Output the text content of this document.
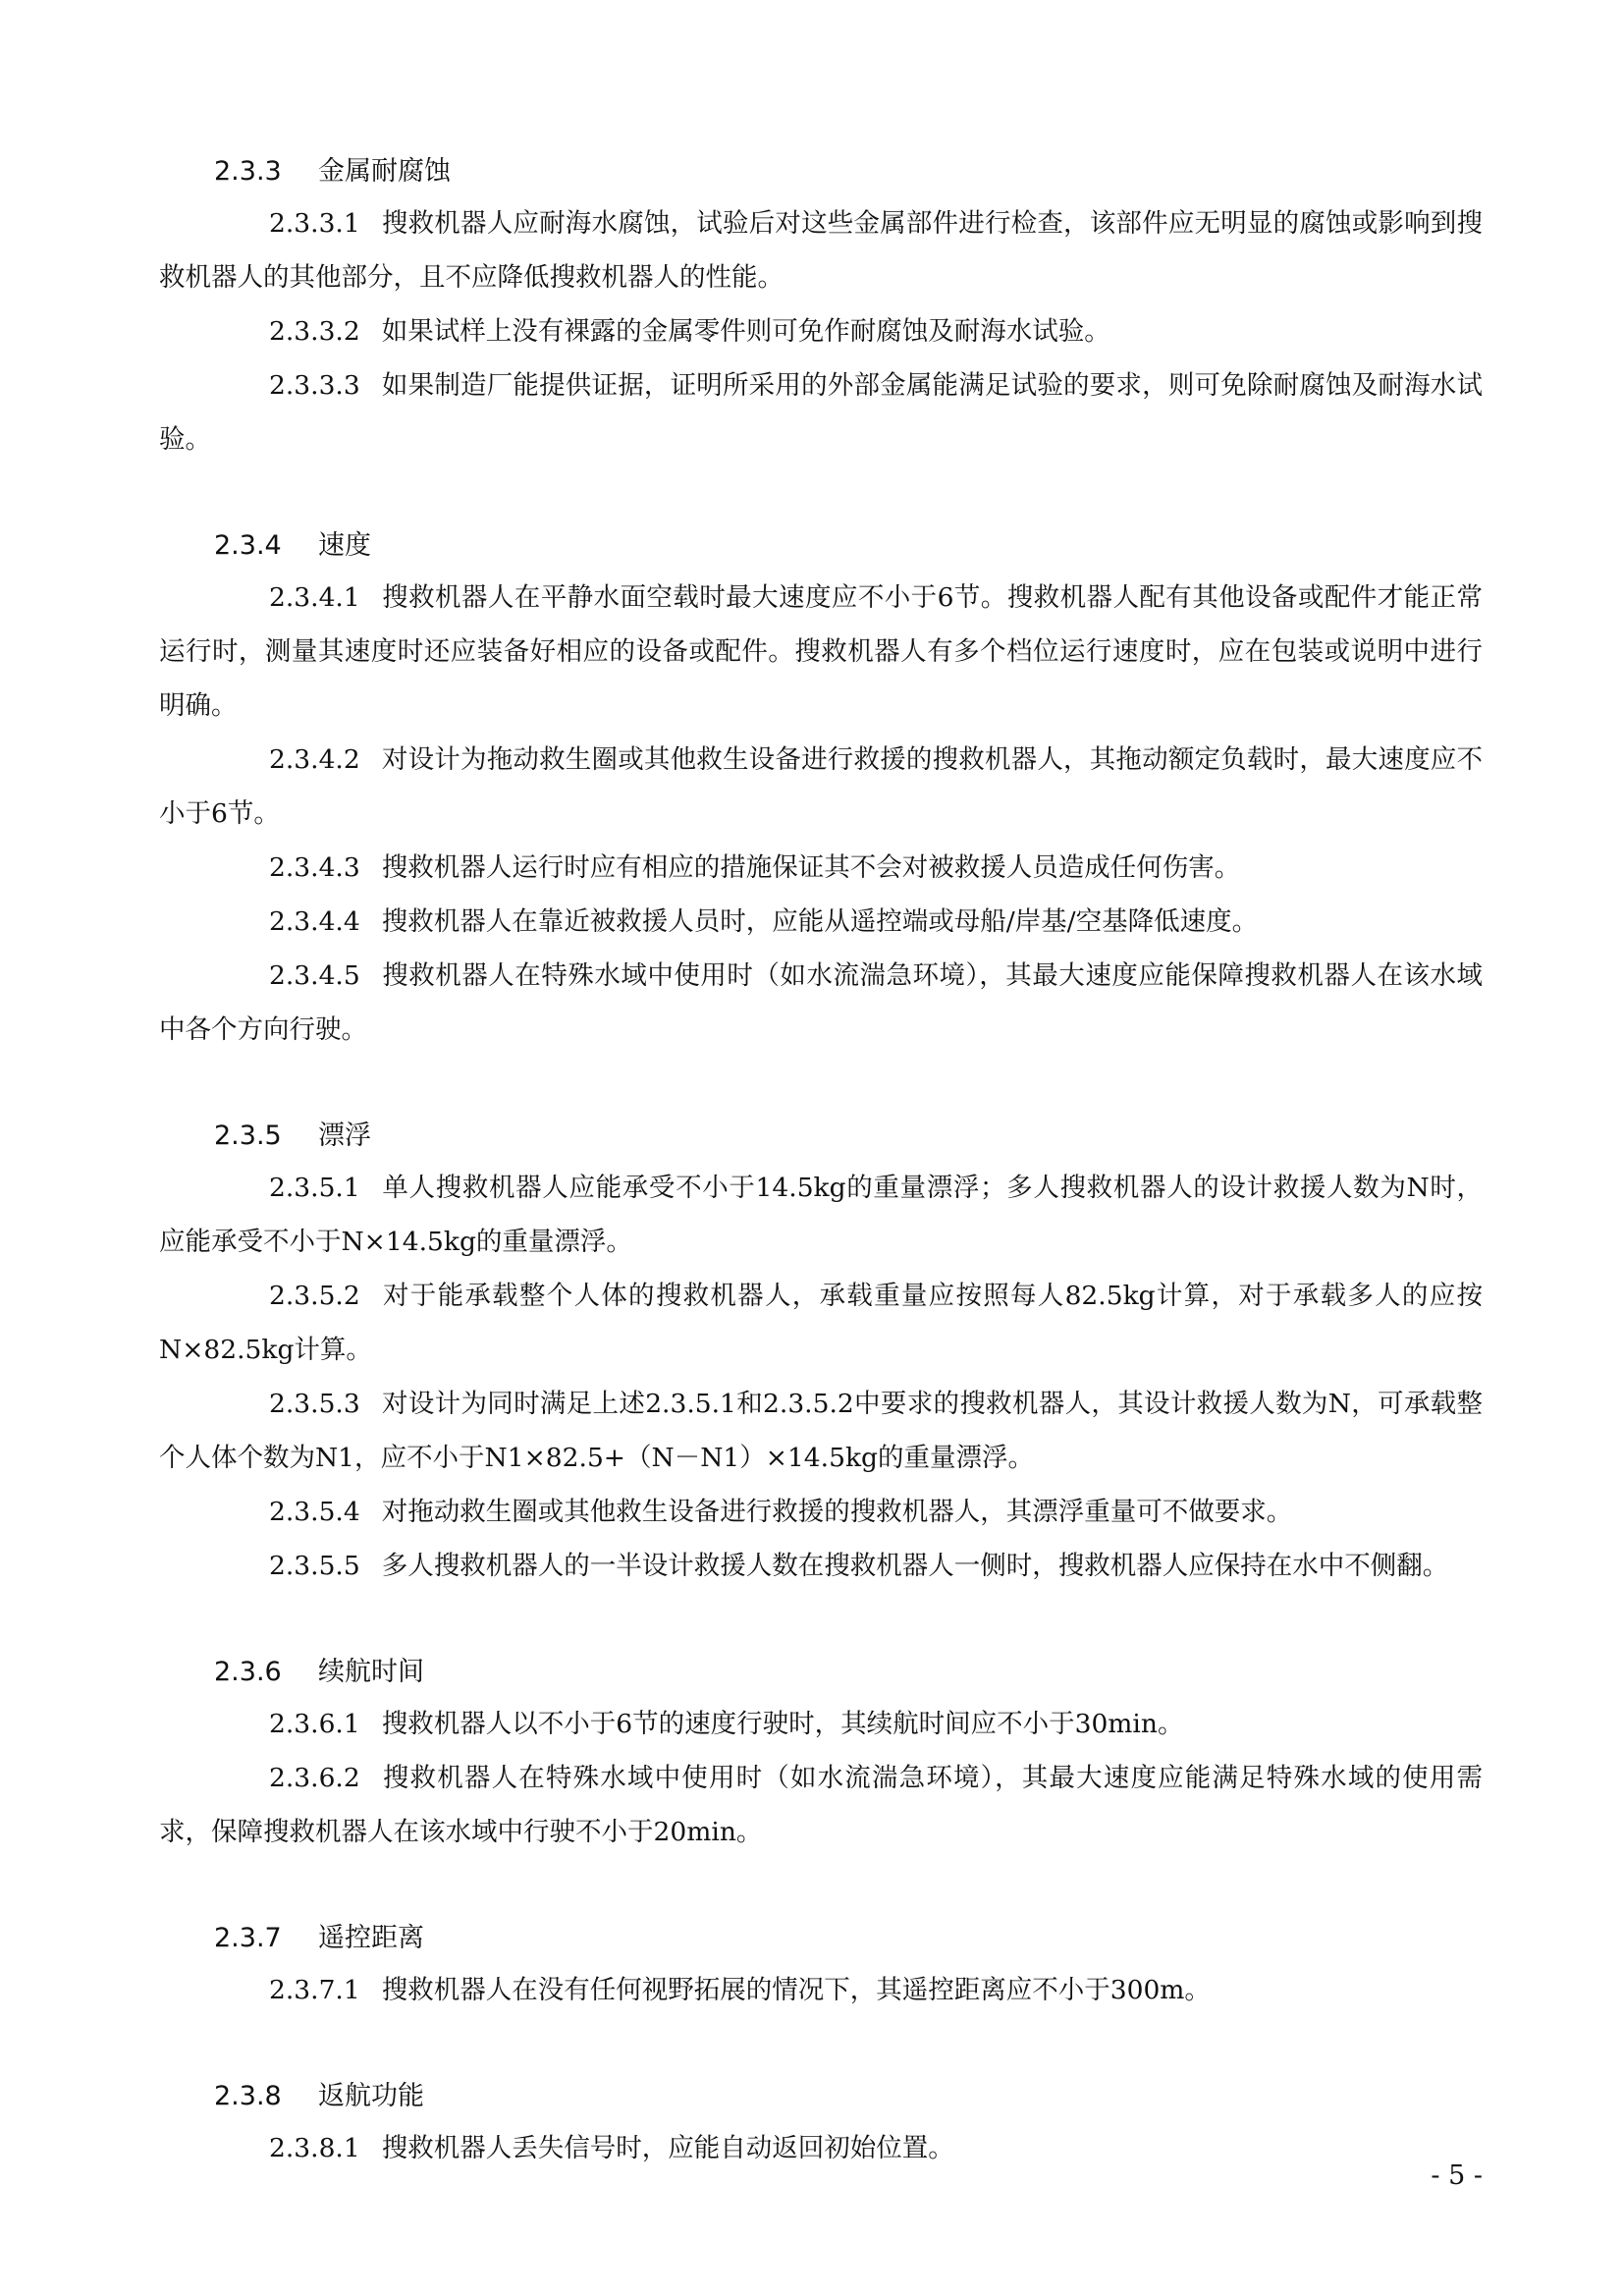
2.3.3 金属耐腐蚀

2.3.3.1 搜救机器人应耐海水腐蚀，试验后对这些金属部件进行检查，该部件应无明显的腐蚀或影响到搜救机器人的其他部分，且不应降低搜救机器人的性能。

2.3.3.2 如果试样上没有裸露的金属零件则可免作耐腐蚀及耐海水试验。

2.3.3.3 如果制造厂能提供证据，证明所采用的外部金属能满足试验的要求，则可免除耐腐蚀及耐海水试验。

2.3.4 速度

2.3.4.1 搜救机器人在平静水面空载时最大速度应不小于6节。搜救机器人配有其他设备或配件才能正常运行时，测量其速度时还应装备好相应的设备或配件。搜救机器人有多个档位运行速度时，应在包装或说明中进行明确。

2.3.4.2 对设计为拖动救生圈或其他救生设备进行救援的搜救机器人，其拖动额定负载时，最大速度应不小于6节。

2.3.4.3 搜救机器人运行时应有相应的措施保证其不会对被救援人员造成任何伤害。

2.3.4.4 搜救机器人在靠近被救援人员时，应能从遥控端或母船/岸基/空基降低速度。

2.3.4.5 搜救机器人在特殊水域中使用时（如水流湍急环境），其最大速度应能保障搜救机器人在该水域中各个方向行驶。

2.3.5 漂浮

2.3.5.1 单人搜救机器人应能承受不小于14.5kg的重量漂浮；多人搜救机器人的设计救援人数为N时，应能承受不小于N×14.5kg的重量漂浮。

2.3.5.2 对于能承载整个人体的搜救机器人，承载重量应按照每人82.5kg计算，对于承载多人的应按N×82.5kg计算。

2.3.5.3 对设计为同时满足上述2.3.5.1和2.3.5.2中要求的搜救机器人，其设计救援人数为N，可承载整个人体个数为N1，应不小于N1×82.5+（N－N1）×14.5kg的重量漂浮。

2.3.5.4 对拖动救生圈或其他救生设备进行救援的搜救机器人，其漂浮重量可不做要求。

2.3.5.5 多人搜救机器人的一半设计救援人数在搜救机器人一侧时，搜救机器人应保持在水中不侧翻。

2.3.6 续航时间

2.3.6.1 搜救机器人以不小于6节的速度行驶时，其续航时间应不小于30min。

2.3.6.2 搜救机器人在特殊水域中使用时（如水流湍急环境），其最大速度应能满足特殊水域的使用需求，保障搜救机器人在该水域中行驶不小于20min。

2.3.7 遥控距离

2.3.7.1 搜救机器人在没有任何视野拓展的情况下，其遥控距离应不小于300m。

2.3.8 返航功能

2.3.8.1 搜救机器人丢失信号时，应能自动返回初始位置。

- 5 -
